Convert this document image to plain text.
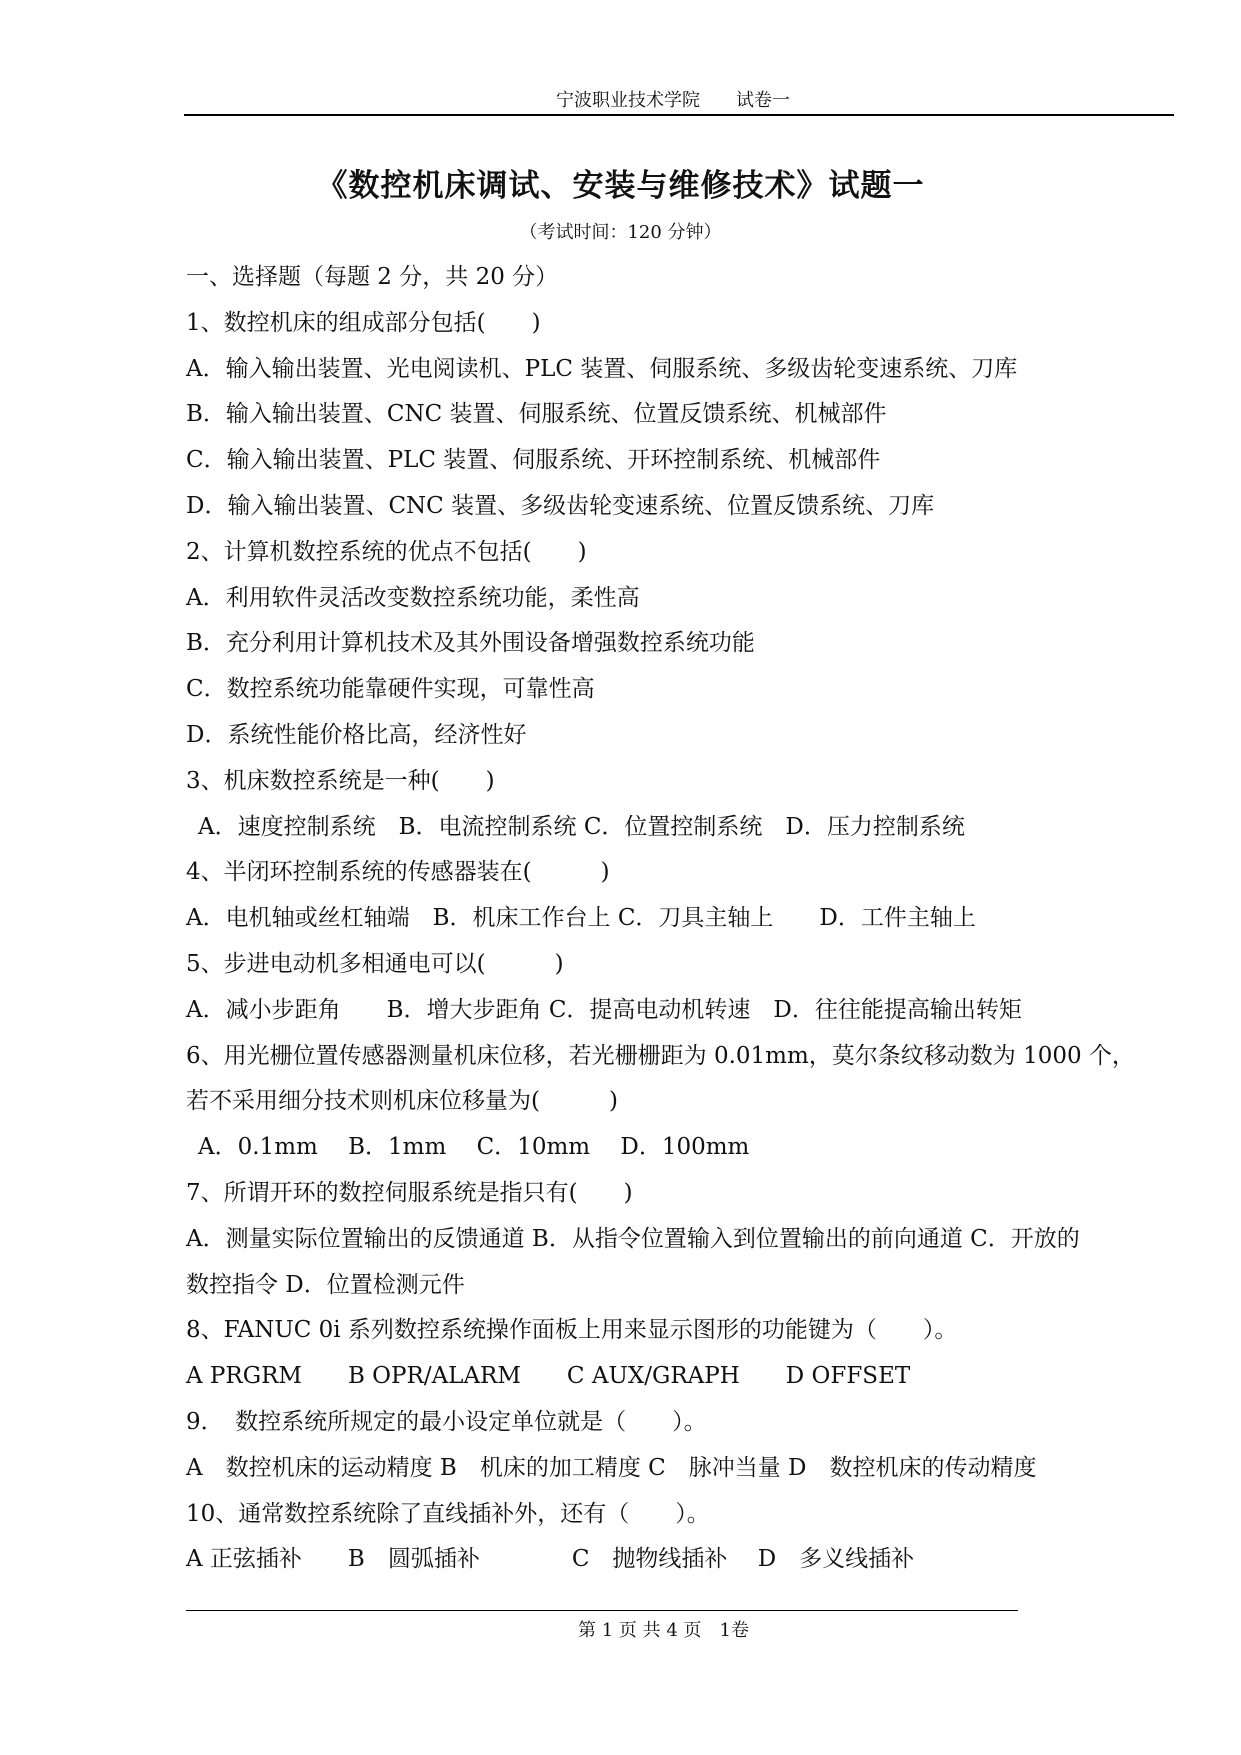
宁波职业技术学院　　试卷一
《数控机床调试、安装与维修技术》试题一
（考试时间：120 分钟）
一、选择题（每题 2 分，共 20 分）
1、数控机床的组成部分包括(　　)
A．输入输出装置、光电阅读机、PLC 装置、伺服系统、多级齿轮变速系统、刀库
B．输入输出装置、CNC 装置、伺服系统、位置反馈系统、机械部件
C．输入输出装置、PLC 装置、伺服系统、开环控制系统、机械部件
D．输入输出装置、CNC 装置、多级齿轮变速系统、位置反馈系统、刀库
2、计算机数控系统的优点不包括(　　)
A．利用软件灵活改变数控系统功能，柔性高
B．充分利用计算机技术及其外围设备增强数控系统功能
C．数控系统功能靠硬件实现，可靠性高
D．系统性能价格比高，经济性好
3、机床数控系统是一种(　　)
A．速度控制系统　B．电流控制系统 C．位置控制系统　D．压力控制系统
4、半闭环控制系统的传感器装在(　　　)
A．电机轴或丝杠轴端　B．机床工作台上 C．刀具主轴上　　D．工件主轴上
5、步进电动机多相通电可以(　　　)
A．减小步距角　　B．增大步距角 C．提高电动机转速　D．往往能提高输出转矩
6、用光栅位置传感器测量机床位移，若光栅栅距为 0.01mm，莫尔条纹移动数为 1000 个，
若不采用细分技术则机床位移量为(　　　)
A．0.1mm　 B．1mm　 C．10mm　 D．100mm
7、所谓开环的数控伺服系统是指只有(　　)
A．测量实际位置输出的反馈通道 B．从指令位置输入到位置输出的前向通道 C．开放的
数控指令 D．位置检测元件
8、FANUC 0i 系列数控系统操作面板上用来显示图形的功能键为（　　）。
A PRGRM　　B OPR/ALARM　　C AUX/GRAPH　　D OFFSET
9．　数控系统所规定的最小设定单位就是（　　）。
A　数控机床的运动精度 B　机床的加工精度 C　脉冲当量 D　数控机床的传动精度
10、通常数控系统除了直线插补外，还有（　　）。
A 正弦插补　　B　圆弧插补　　　　C　抛物线插补　 D　多义线插补
第 1 页 共 4 页　1卷
